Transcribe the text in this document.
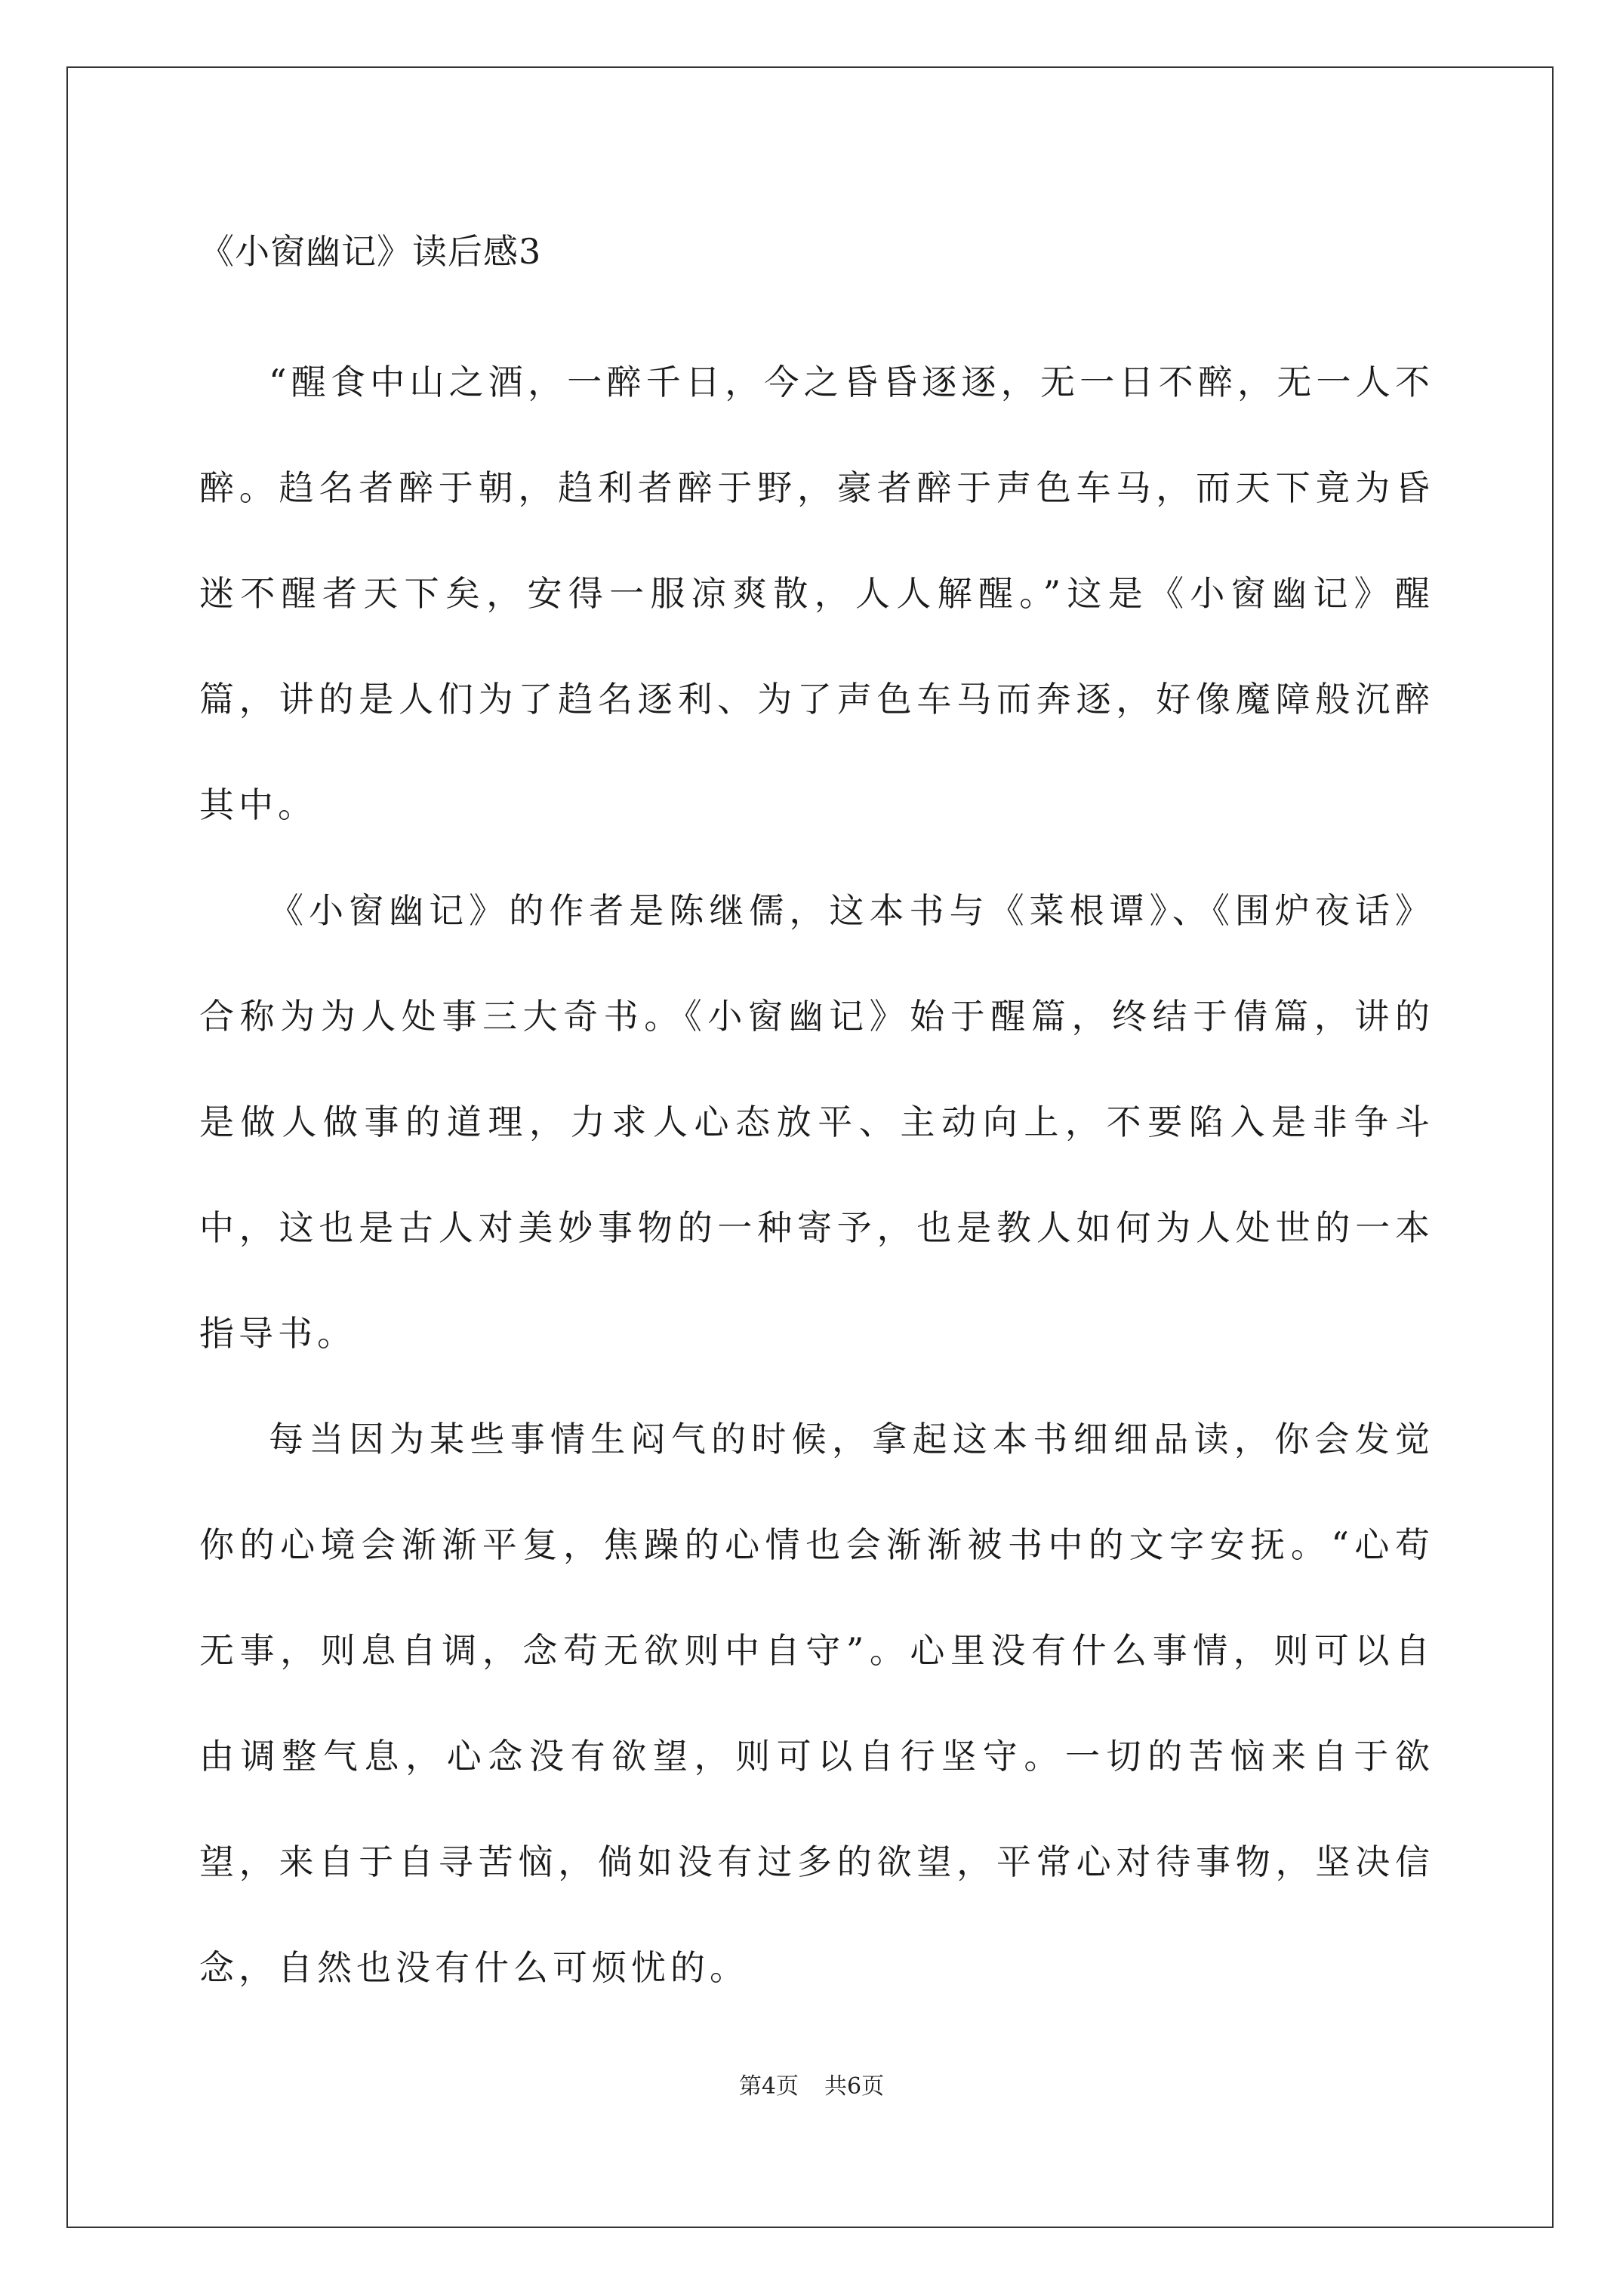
《小窗幽记》读后感3

“醒食中山之酒，一醉千日，今之昏昏逐逐，无一日不醉，无一人不醉。趋名者醉于朝，趋利者醉于野，豪者醉于声色车马，而天下竟为昏迷不醒者天下矣，安得一服凉爽散，人人解醒。”这是《小窗幽记》醒篇，讲的是人们为了趋名逐利、为了声色车马而奔逐，好像魔障般沉醉其中。

《小窗幽记》的作者是陈继儒，这本书与《菜根谭》、《围炉夜话》合称为为人处事三大奇书。《小窗幽记》始于醒篇，终结于倩篇，讲的是做人做事的道理，力求人心态放平、主动向上，不要陷入是非争斗中，这也是古人对美妙事物的一种寄予，也是教人如何为人处世的一本指导书。

每当因为某些事情生闷气的时候，拿起这本书细细品读，你会发觉你的心境会渐渐平复，焦躁的心情也会渐渐被书中的文字安抚。“心苟无事，则息自调，念苟无欲则中自守”。心里没有什么事情，则可以自由调整气息，心念没有欲望，则可以自行坚守。一切的苦恼来自于欲望，来自于自寻苦恼，倘如没有过多的欲望，平常心对待事物，坚决信念，自然也没有什么可烦忧的。

第4页 共6页
